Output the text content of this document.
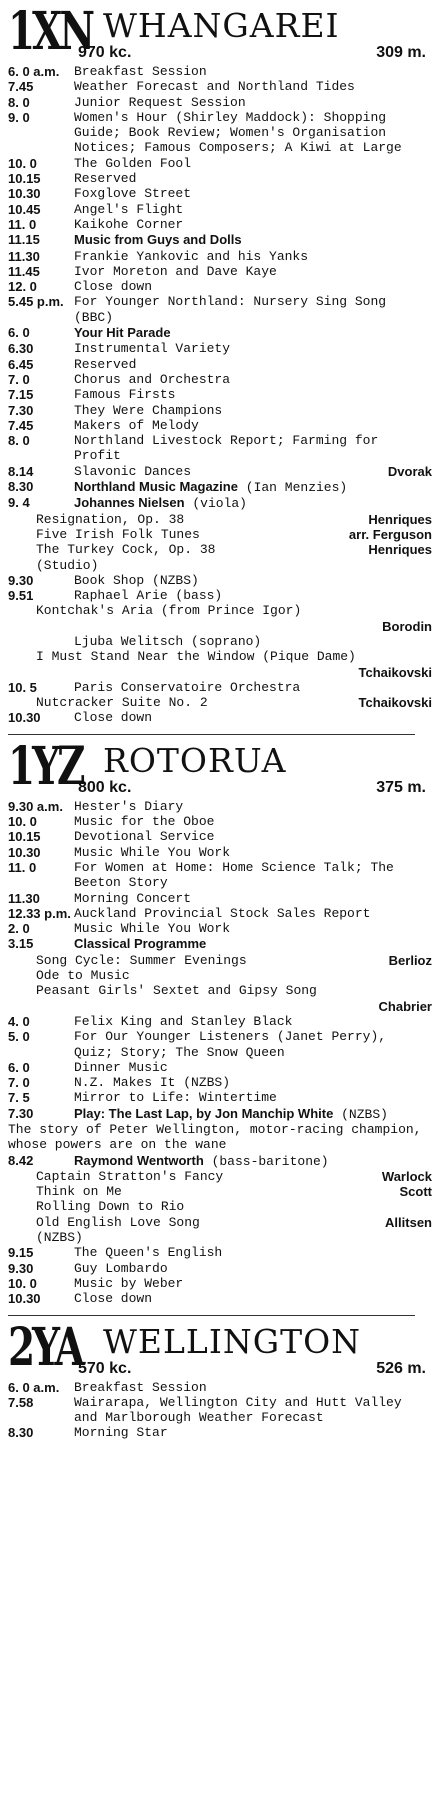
1XN WHANGAREI
970 kc.	309 m.
6. 0 a.m.	Breakfast Session
7.45	Weather Forecast and Northland Tides
8. 0	Junior Request Session
9. 0	Women's Hour (Shirley Maddock): Shopping Guide; Book Review; Women's Organisation Notices; Famous Composers; A Kiwi at Large
10. 0	The Golden Fool
10.15	Reserved
10.30	Foxglove Street
10.45	Angel's Flight
11. 0	Kaikohe Corner
11.15	Music from Guys and Dolls
11.30	Frankie Yankovic and his Yanks
11.45	Ivor Moreton and Dave Kaye
12. 0	Close down
5.45 p.m. For Younger Northland: Nursery Sing Song (BBC)
6. 0	Your Hit Parade
6.30	Instrumental Variety
6.45	Reserved
7. 0	Chorus and Orchestra
7.15	Famous Firsts
7.30	They Were Champions
7.45	Makers of Melody
8. 0	Northland Livestock Report; Farming for Profit
8.14	Slavonic Dances	Dvorak
8.30	Northland Music Magazine (Ian Menzies)
9. 4	Johannes Nielsen (viola)
Resignation, Op. 38	Henriques
Five Irish Folk Tunes	arr. Ferguson
The Turkey Cock, Op. 38	Henriques
(Studio)
9.30	Book Shop (NZBS)
9.51	Raphael Arie (bass)
Kontchak's Aria (from Prince Igor)
Borodin
Ljuba Welitsch (soprano)
I Must Stand Near the Window (Pique Dame)
Tchaikovski
10. 5	Paris Conservatoire Orchestra
Nutcracker Suite No. 2	Tchaikovski
10.30	Close down
1YZ ROTORUA
800 kc.	375 m.
9.30 a.m. Hester's Diary
10. 0	Music for the Oboe
10.15	Devotional Service
10.30	Music While You Work
11. 0	For Women at Home: Home Science Talk; The Beeton Story
11.30	Morning Concert
12.33 p.m. Auckland Provincial Stock Sales Report
2. 0	Music While You Work
3.15	Classical Programme
Song Cycle: Summer Evenings	Berlioz
Ode to Music
Peasant Girls' Sextet and Gipsy Song
Chabrier
4. 0	Felix King and Stanley Black
5. 0	For Our Younger Listeners (Janet Perry), Quiz; Story; The Snow Queen
6. 0	Dinner Music
7. 0	N.Z. Makes It (NZBS)
7. 5	Mirror to Life: Wintertime
7.30	Play: The Last Lap, by Jon Manchip White (NZBS)
The story of Peter Wellington, motor-racing champion, whose powers are on the wane
8.42	Raymond Wentworth (bass-baritone)
Captain Stratton's Fancy	Warlock
Think on Me	Scott
Rolling Down to Rio
Old English Love Song	Allitsen
(NZBS)
9.15	The Queen's English
9.30	Guy Lombardo
10. 0	Music by Weber
10.30	Close down
2YA WELLINGTON
570 kc.	526 m.
6. 0 a.m.	Breakfast Session
7.58	Wairarapa, Wellington City and Hutt Valley and Marlborough Weather Forecast
8.30	Morning Star
